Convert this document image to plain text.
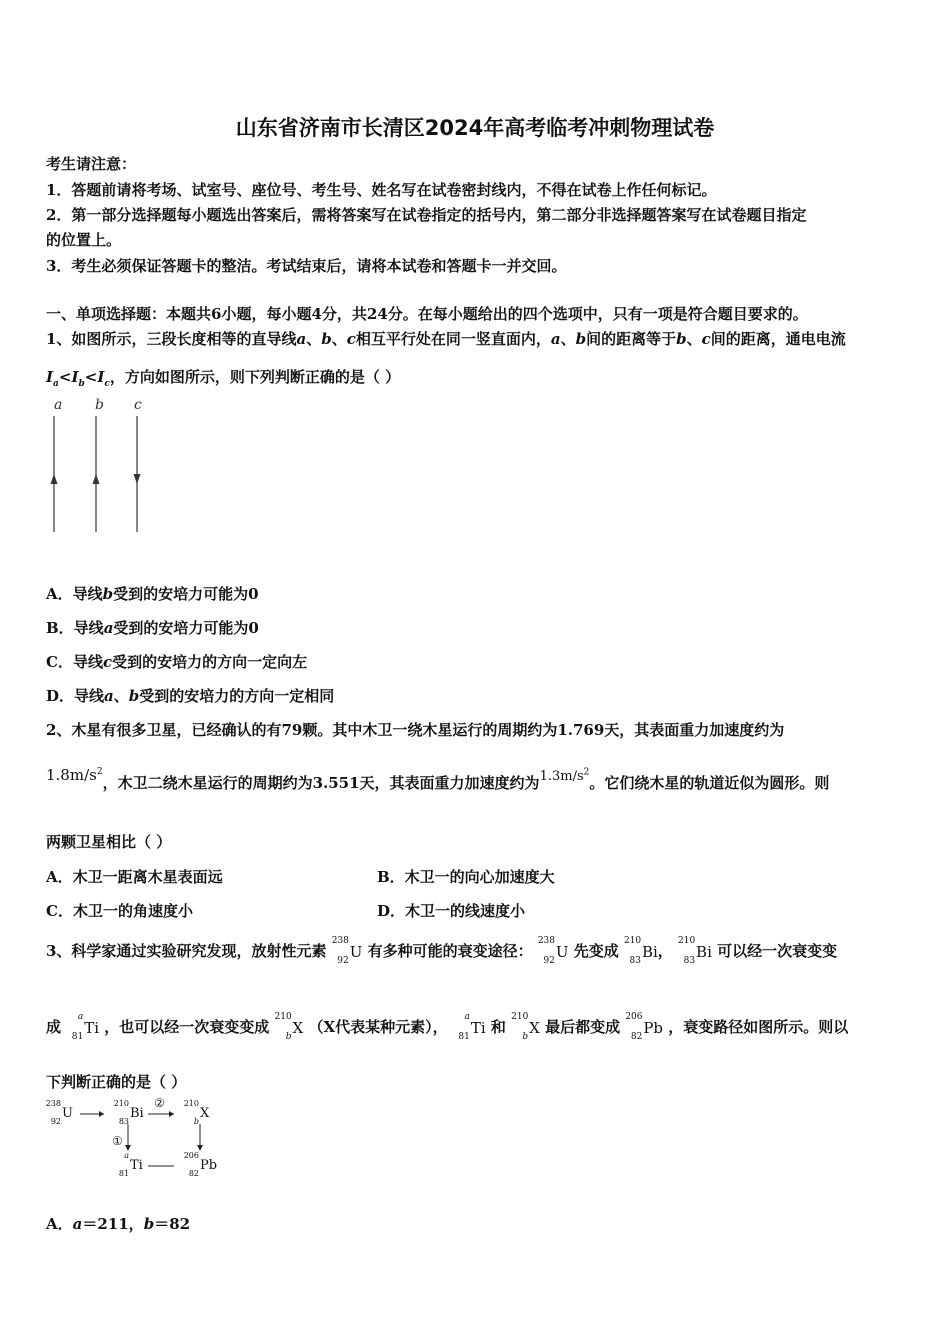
山东省济南市长清区2024年高考临考冲刺物理试卷
考生请注意：
1．答题前请将考场、试室号、座位号、考生号、姓名写在试卷密封线内，不得在试卷上作任何标记。
2．第一部分选择题每小题选出答案后，需将答案写在试卷指定的括号内，第二部分非选择题答案写在试卷题目指定
的位置上。
3．考生必须保证答题卡的整洁。考试结束后，请将本试卷和答题卡一并交回。
一、单项选择题：本题共6小题，每小题4分，共24分。在每小题给出的四个选项中，只有一项是符合题目要求的。
1、如图所示，三段长度相等的直导线a、b、c相互平行处在同一竖直面内，a、b间的距离等于b、c间的距离，通电电流
$I_a<I_b<I_c$，方向如图所示，则下列判断正确的是（ ）
a b c
A．导线b受到的安培力可能为0
B．导线a受到的安培力可能为0
C．导线c受到的安培力的方向一定向左
D．导线a、b受到的安培力的方向一定相同
2、木星有很多卫星，已经确认的有79颗。其中木卫一绕木星运行的周期约为1.769天，其表面重力加速度约为
$1.8m/s^2$，木卫二绕木星运行的周期约为3.551天，其表面重力加速度约为$1.3m/s^2$。它们绕木星的轨道近似为圆形。则
两颗卫星相比（ ）
A．木卫一距离木星表面远	B．木卫一的向心加速度大
C．木卫一的角速度小	D．木卫一的线速度小
3、科学家通过实验研究发现，放射性元素
238
92 U 有多种可能的衰变途径：
238
92 U 先变成
210
83 Bi，
210
83 Bi 可以经一次衰变变
成
a
81 Ti ，也可以经一次衰变变成
210
b X （X代表某种元素），
a
81 Ti 和
210
b X 最后都变成
206
82 Pb ，衰变路径如图所示。则以
下判断正确的是（ ）
238
92
U
210
83
Bi
210
b
X
a
81
Ti
206
82
Pb
②
①
A．a＝211，b＝82
